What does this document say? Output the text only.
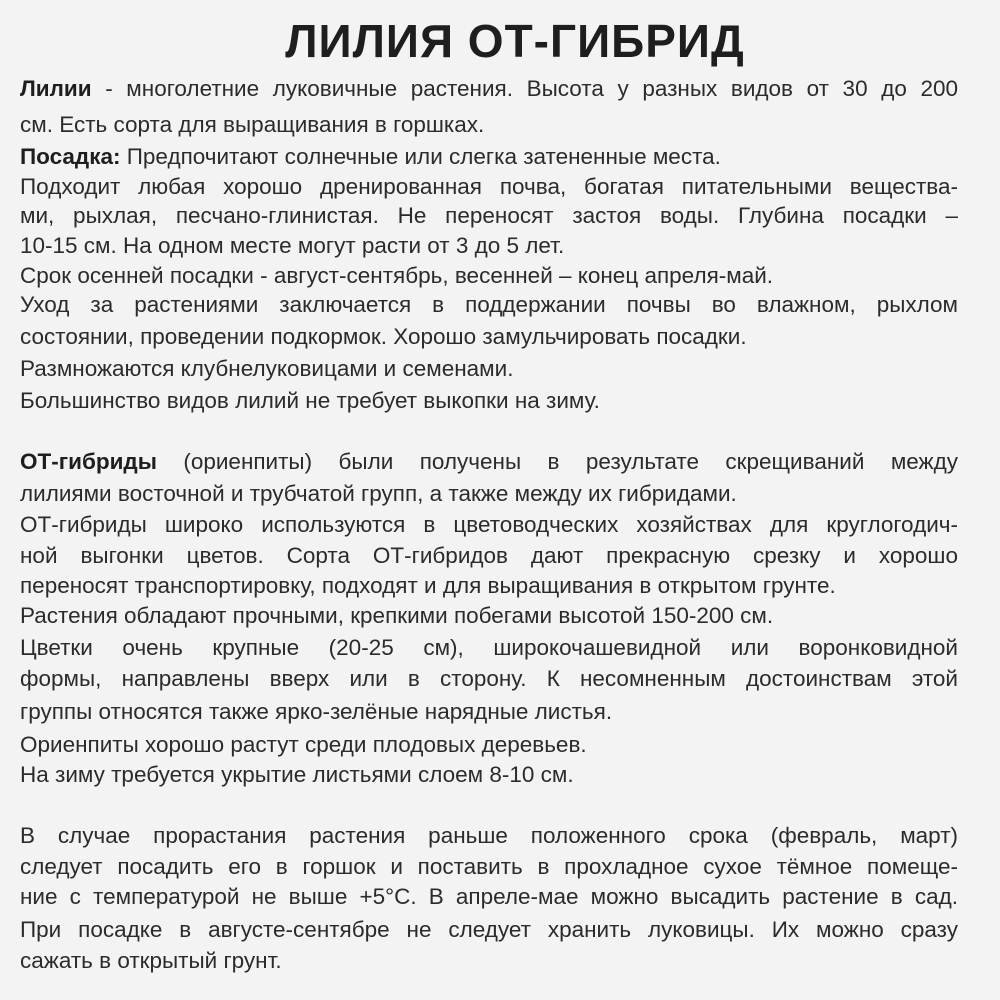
ЛИЛИЯ ОТ-ГИБРИД
Лилии - многолетние луковичные растения. Высота у разных видов от 30 до 200
см. Есть сорта для выращивания в горшках.
Посадка: Предпочитают солнечные или слегка затененные места.
Подходит любая хорошо дренированная почва, богатая питательными вещества-
ми, рыхлая, песчано-глинистая. Не переносят застоя воды. Глубина посадки –
10-15 см. На одном месте могут расти от 3 до 5 лет.
Срок осенней посадки - август-сентябрь, весенней – конец апреля-май.
Уход за растениями заключается в поддержании почвы во влажном, рыхлом
состоянии, проведении подкормок. Хорошо замульчировать посадки.
Размножаются клубнелуковицами и семенами.
Большинство видов лилий не требует выкопки на зиму.
ОТ-гибриды (ориенпиты) были получены в результате скрещиваний между
лилиями восточной и трубчатой групп, а также между их гибридами.
ОТ-гибриды широко используются в цветоводческих хозяйствах для круглогодич-
ной выгонки цветов. Сорта ОТ-гибридов дают прекрасную срезку и хорошо
переносят транспортировку, подходят и для выращивания в открытом грунте.
Растения обладают прочными, крепкими побегами высотой 150-200 см.
Цветки очень крупные (20-25 см), широкочашевидной или воронковидной
формы, направлены вверх или в сторону. К несомненным достоинствам этой
группы относятся также ярко-зелёные нарядные листья.
Ориенпиты хорошо растут среди плодовых деревьев.
На зиму требуется укрытие листьями слоем 8-10 см.
В случае прорастания растения раньше положенного срока (февраль, март)
следует посадить его в горшок и поставить в прохладное сухое тёмное помеще-
ние с температурой не выше +5°С. В апреле-мае можно высадить растение в сад.
При посадке в августе-сентябре не следует хранить луковицы. Их можно сразу
сажать в открытый грунт.
